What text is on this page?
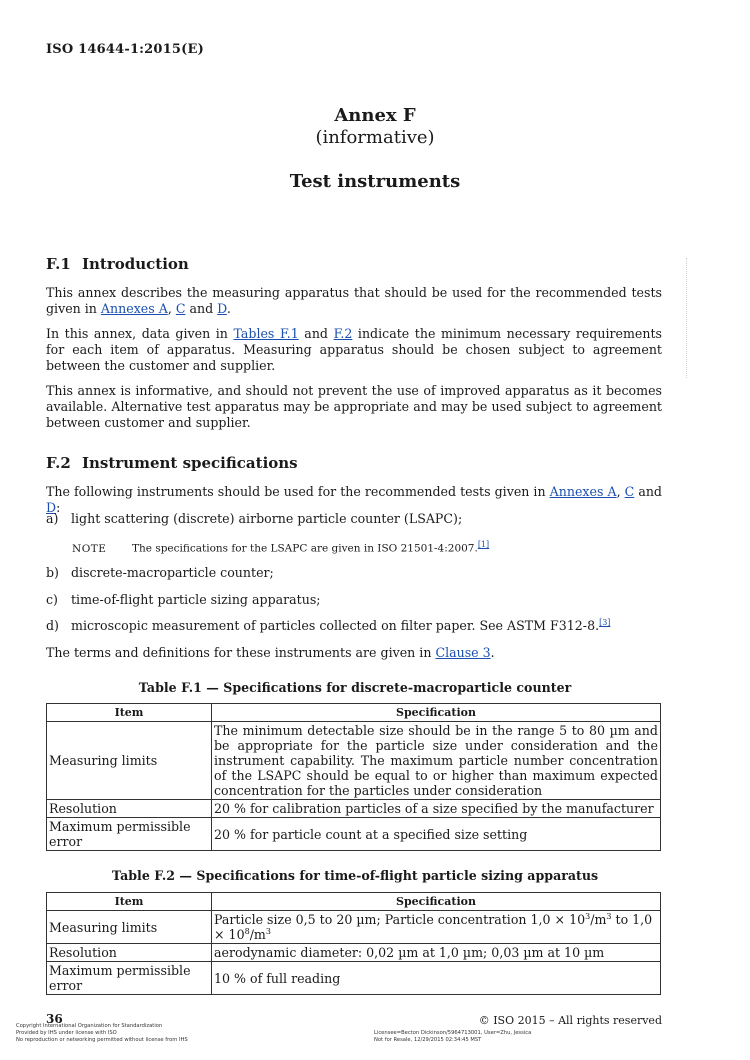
ISO 14644-1:2015(E)
Annex F
(informative)
Test instruments
F.1 Introduction
This annex describes the measuring apparatus that should be used for the recommended tests given in Annexes A, C and D.
In this annex, data given in Tables F.1 and F.2 indicate the minimum necessary requirements for each item of apparatus. Measuring apparatus should be chosen subject to agreement between the customer and supplier.
This annex is informative, and should not prevent the use of improved apparatus as it becomes available. Alternative test apparatus may be appropriate and may be used subject to agreement between customer and supplier.
F.2 Instrument specifications
The following instruments should be used for the recommended tests given in Annexes A, C and D:
a) light scattering (discrete) airborne particle counter (LSAPC);
NOTE The specifications for the LSAPC are given in ISO 21501-4:2007.[1]
b) discrete-macroparticle counter;
c) time-of-flight particle sizing apparatus;
d) microscopic measurement of particles collected on filter paper. See ASTM F312-8.[3]
The terms and definitions for these instruments are given in Clause 3.
Table F.1 — Specifications for discrete-macroparticle counter
Item	Specification
Measuring limits	The minimum detectable size should be in the range 5 to 80 µm and be appropriate for the particle size under consideration and the instrument capability. The maximum particle number concentration of the LSAPC should be equal to or higher than maximum expected concentration for the particles under consideration
Resolution	20 % for calibration particles of a size specified by the manufacturer
Maximum permissible error	20 % for particle count at a specified size setting
Table F.2 — Specifications for time-of-flight particle sizing apparatus
Item	Specification
Measuring limits	Particle size 0,5 to 20 µm; Particle concentration $1,0 \times 10^3/m^3$ to $1,0 \times 10^8/m^3$
Resolution	aerodynamic diameter: 0,02 µm at 1,0 µm; 0,03 µm at 10 µm
Maximum permissible error	10 % of full reading
36	© ISO 2015 – All rights reserved
Copyright International Organization for Standardization
Provided by IHS under license with ISO
No reproduction or networking permitted without license from IHS
Licensee=Becton Dickinson/5964713001, User=Zhu, Jessica
Not for Resale, 12/29/2015 02:34:45 MST
